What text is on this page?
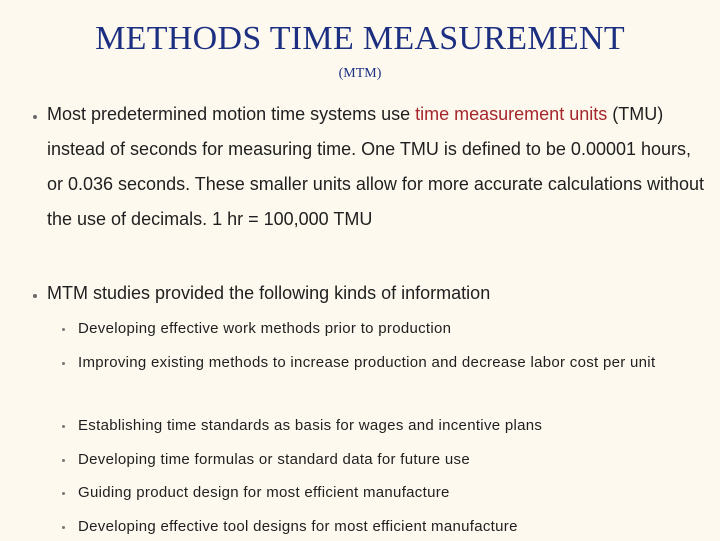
METHODS TIME MEASUREMENT
(MTM)
Most predetermined motion time systems use time measurement units (TMU) instead of seconds for measuring time. One TMU is defined to be 0.00001 hours, or 0.036 seconds. These smaller units allow for more accurate calculations without the use of decimals. 1 hr = 100,000 TMU
MTM studies provided the following kinds of information
Developing effective work methods prior to production
Improving existing methods to increase production and decrease labor cost per unit
Establishing time standards as basis for wages and incentive plans
Developing time formulas or standard data for future use
Guiding product design for most efficient manufacture
Developing effective tool designs for most efficient manufacture
